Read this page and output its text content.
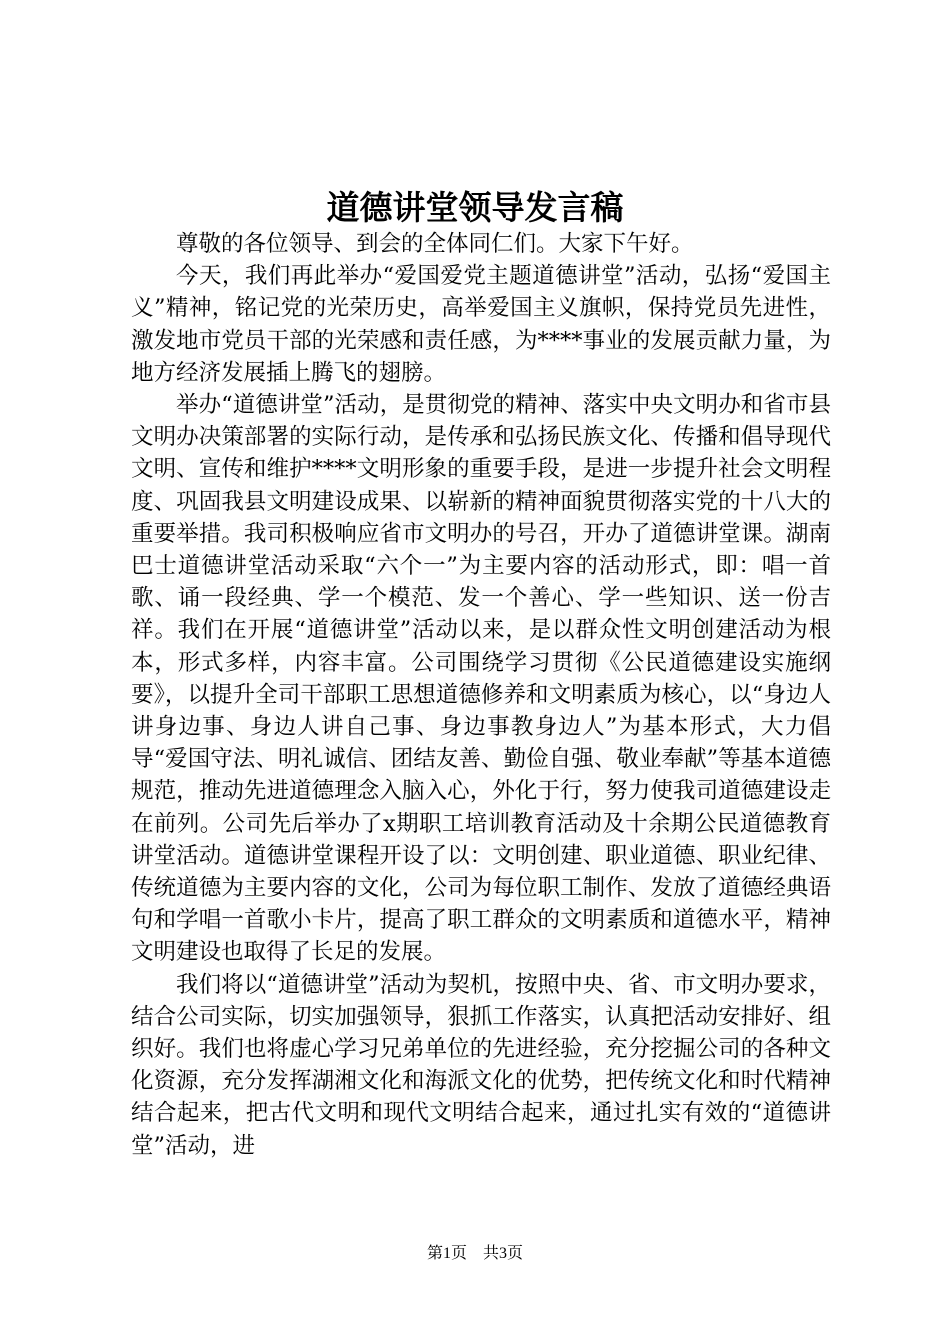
道德讲堂领导发言稿

尊敬的各位领导、到会的全体同仁们。大家下午好。

今天，我们再此举办“爱国爱党主题道德讲堂”活动，弘扬“爱国主义”精神，铭记党的光荣历史，高举爱国主义旗帜，保持党员先进性，激发地市党员干部的光荣感和责任感，为****事业的发展贡献力量，为地方经济发展插上腾飞的翅膀。

举办“道德讲堂”活动，是贯彻党的精神、落实中央文明办和省市县文明办决策部署的实际行动，是传承和弘扬民族文化、传播和倡导现代文明、宣传和维护****文明形象的重要手段，是进一步提升社会文明程度、巩固我县文明建设成果、以崭新的精神面貌贯彻落实党的十八大的重要举措。我司积极响应省市文明办的号召，开办了道德讲堂课。湖南巴士道德讲堂活动采取“六个一”为主要内容的活动形式，即：唱一首歌、诵一段经典、学一个模范、发一个善心、学一些知识、送一份吉祥。我们在开展“道德讲堂”活动以来，是以群众性文明创建活动为根本，形式多样，内容丰富。公司围绕学习贯彻《公民道德建设实施纲要》，以提升全司干部职工思想道德修养和文明素质为核心，以“身边人讲身边事、身边人讲自己事、身边事教身边人”为基本形式，大力倡导“爱国守法、明礼诚信、团结友善、勤俭自强、敬业奉献”等基本道德规范，推动先进道德理念入脑入心，外化于行，努力使我司道德建设走在前列。公司先后举办了x期职工培训教育活动及十余期公民道德教育讲堂活动。道德讲堂课程开设了以：文明创建、职业道德、职业纪律、传统道德为主要内容的文化，公司为每位职工制作、发放了道德经典语句和学唱一首歌小卡片，提高了职工群众的文明素质和道德水平，精神文明建设也取得了长足的发展。

我们将以“道德讲堂”活动为契机，按照中央、省、市文明办要求，结合公司实际，切实加强领导，狠抓工作落实，认真把活动安排好、组织好。我们也将虚心学习兄弟单位的先进经验，充分挖掘公司的各种文化资源，充分发挥湖湘文化和海派文化的优势，把传统文化和时代精神结合起来，把古代文明和现代文明结合起来，通过扎实有效的“道德讲堂”活动，进

第1页 共3页
